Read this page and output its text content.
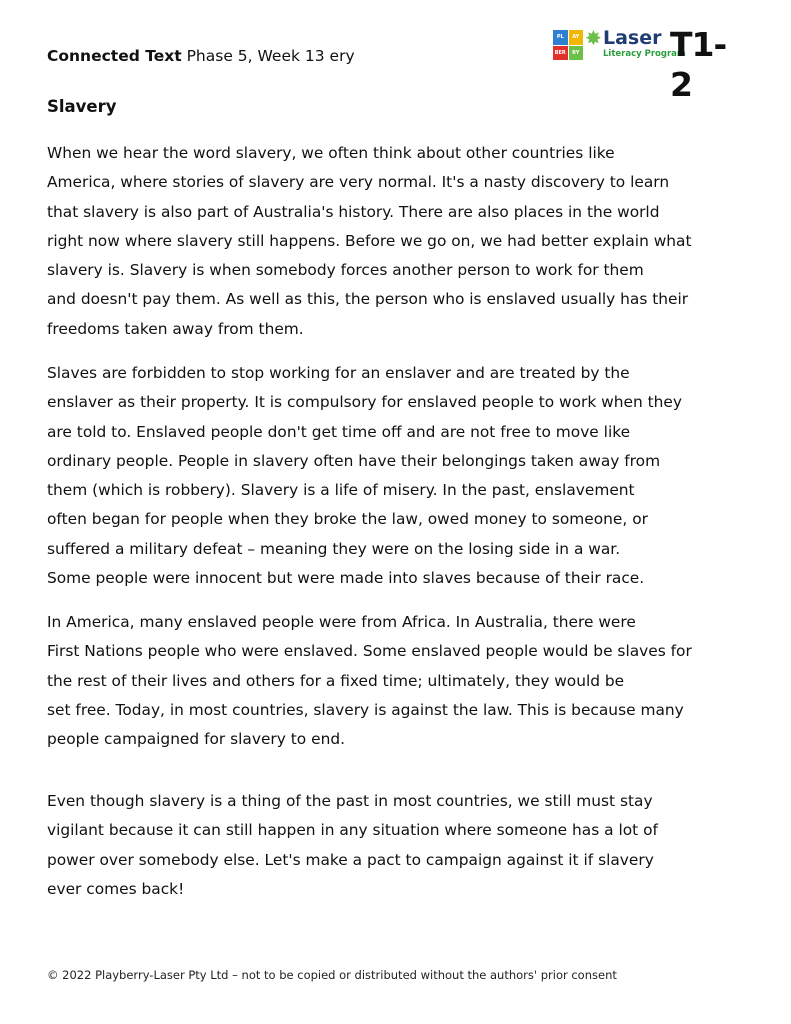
Connected Text Phase 5, Week 13 ery
PL	AY
BER	RY
✸ Laser
Literacy Program
T1-2
Slavery
When we hear the word slavery, we often think about other countries like
America, where stories of slavery are very normal. It's a nasty discovery to learn
that slavery is also part of Australia's history. There are also places in the world
right now where slavery still happens. Before we go on, we had better explain what
slavery is. Slavery is when somebody forces another person to work for them
and doesn't pay them. As well as this, the person who is enslaved usually has their
freedoms taken away from them.
Slaves are forbidden to stop working for an enslaver and are treated by the
enslaver as their property. It is compulsory for enslaved people to work when they
are told to. Enslaved people don't get time off and are not free to move like
ordinary people. People in slavery often have their belongings taken away from
them (which is robbery). Slavery is a life of misery. In the past, enslavement
often began for people when they broke the law, owed money to someone, or
suffered a military defeat – meaning they were on the losing side in a war.
Some people were innocent but were made into slaves because of their race.
In America, many enslaved people were from Africa. In Australia, there were
First Nations people who were enslaved. Some enslaved people would be slaves for
the rest of their lives and others for a fixed time; ultimately, they would be
set free. Today, in most countries, slavery is against the law. This is because many
people campaigned for slavery to end.
Even though slavery is a thing of the past in most countries, we still must stay
vigilant because it can still happen in any situation where someone has a lot of
power over somebody else. Let's make a pact to campaign against it if slavery
ever comes back!
© 2022 Playberry-Laser Pty Ltd – not to be copied or distributed without the authors' prior consent
